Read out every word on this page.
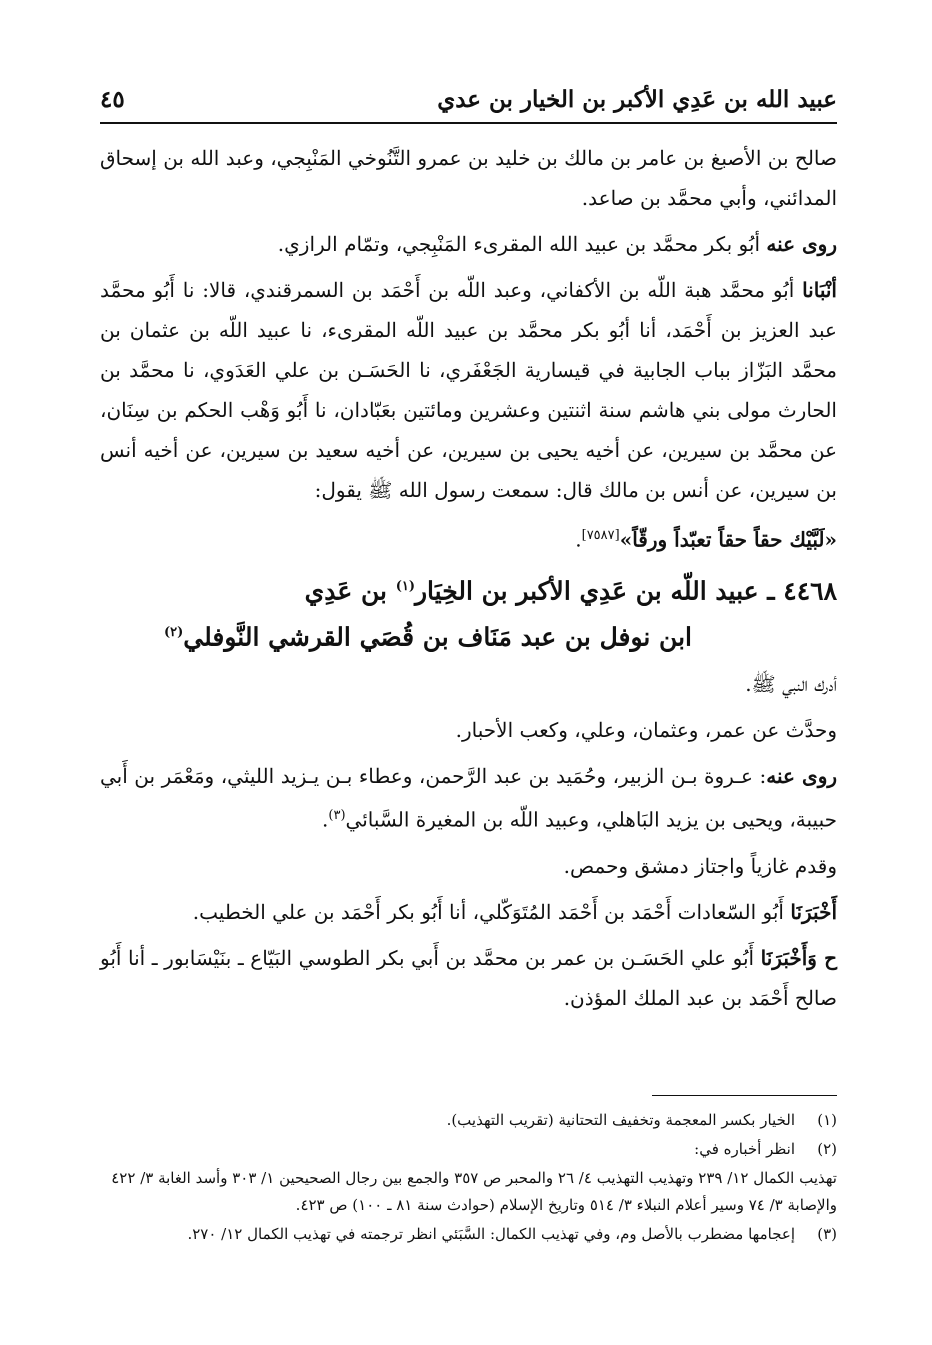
عبيد الله بن عَدِي الأكبر بن الخيار بن عدي
٤٥

صالح بن الأصبغ بن عامر بن مالك بن خليد بن عمرو التَّنُوخي المَنْبِجي، وعبد الله بن إسحاق المدائني، وأبي محمَّد بن صاعد.

روى عنه أبُو بكر محمَّد بن عبيد الله المقرىء المَنْبِجي، وتمّام الرازي.

أنْبَانا أبُو محمَّد هبة اللّه بن الأكفاني، وعبد اللّه بن أَحْمَد بن السمرقندي، قالا: نا أَبُو محمَّد عبد العزيز بن أَحْمَد، أنا أبُو بكر محمَّد بن عبيد اللّه المقرىء، نا عبيد اللّه بن عثمان بن محمَّد البَزّاز بباب الجابية في قيسارية الجَعْفَري، نا الحَسَـن بن علي العَدَوي، نا محمَّد بن الحارث مولى بني هاشم سنة اثنتين وعشرين ومائتين بعَبّادان، نا أَبُو وَهْب الحكم بن سِنَان، عن محمَّد بن سيرين، عن أخيه يحيى بن سيرين، عن أخيه سعيد بن سيرين، عن أخيه أنس بن سيرين، عن أنس بن مالك قال: سمعت رسول الله ﷺ يقول:

«لَبَّيْك حقاً حقاً تعبّداً ورقّاً»[٧٥٨٧].

٤٤٦٨ ـ عبيد اللّه بن عَدِي الأكبر بن الخِيَار$^{(١)}$ بن عَدِي
ابن نوفل بن عبد مَنَاف بن قُصَي القرشي النَّوفلي$^{(٢)}$

أدرك النبي ﷺ.

وحدَّث عن عمر، وعثمان، وعلي، وكعب الأحبار.

روى عنه: عـروة بـن الزبير، وحُمَيد بن عبد الرَّحمن، وعطاء بـن يـزيد الليثي، ومَعْمَر بن أَبي حبيبة، ويحيى بن يزيد البَاهلي، وعبيد اللّه بن المغيرة السَّبائي$^{(٣)}$.

وقدم غازياً واجتاز دمشق وحمص.

أَخْبَرَنَا أَبُو السّعادات أَحْمَد بن أَحْمَد المُتَوَكّلي، أنا أَبُو بكر أَحْمَد بن علي الخطيب.

ح وَأَخْبَرَنَا أَبُو علي الحَسَـن بن عمر بن محمَّد بن أَبي بكر الطوسي البَيّاع ـ بنَيْسَابور ـ أنا أَبُو صالح أَحْمَد بن عبد الملك المؤذن.

(١)
الخيار بكسر المعجمة وتخفيف التحتانية (تقريب التهذيب).
(٢)
انظر أخباره في:
تهذيب الكمال ١٢/ ٢٣٩ وتهذيب التهذيب ٤/ ٢٦ والمحبر ص ٣٥٧ والجمع بين رجال الصحيحين ١/ ٣٠٣ وأسد الغابة ٣/ ٤٢٢ والإصابة ٣/ ٧٤ وسير أعلام النبلاء ٣/ ٥١٤ وتاريخ الإسلام (حوادث سنة ٨١ ـ ١٠٠) ص ٤٢٣.
(٣)
إعجامها مضطرب بالأصل وم، وفي تهذيب الكمال: السَّبَئي انظر ترجمته في تهذيب الكمال ١٢/ ٢٧٠.
